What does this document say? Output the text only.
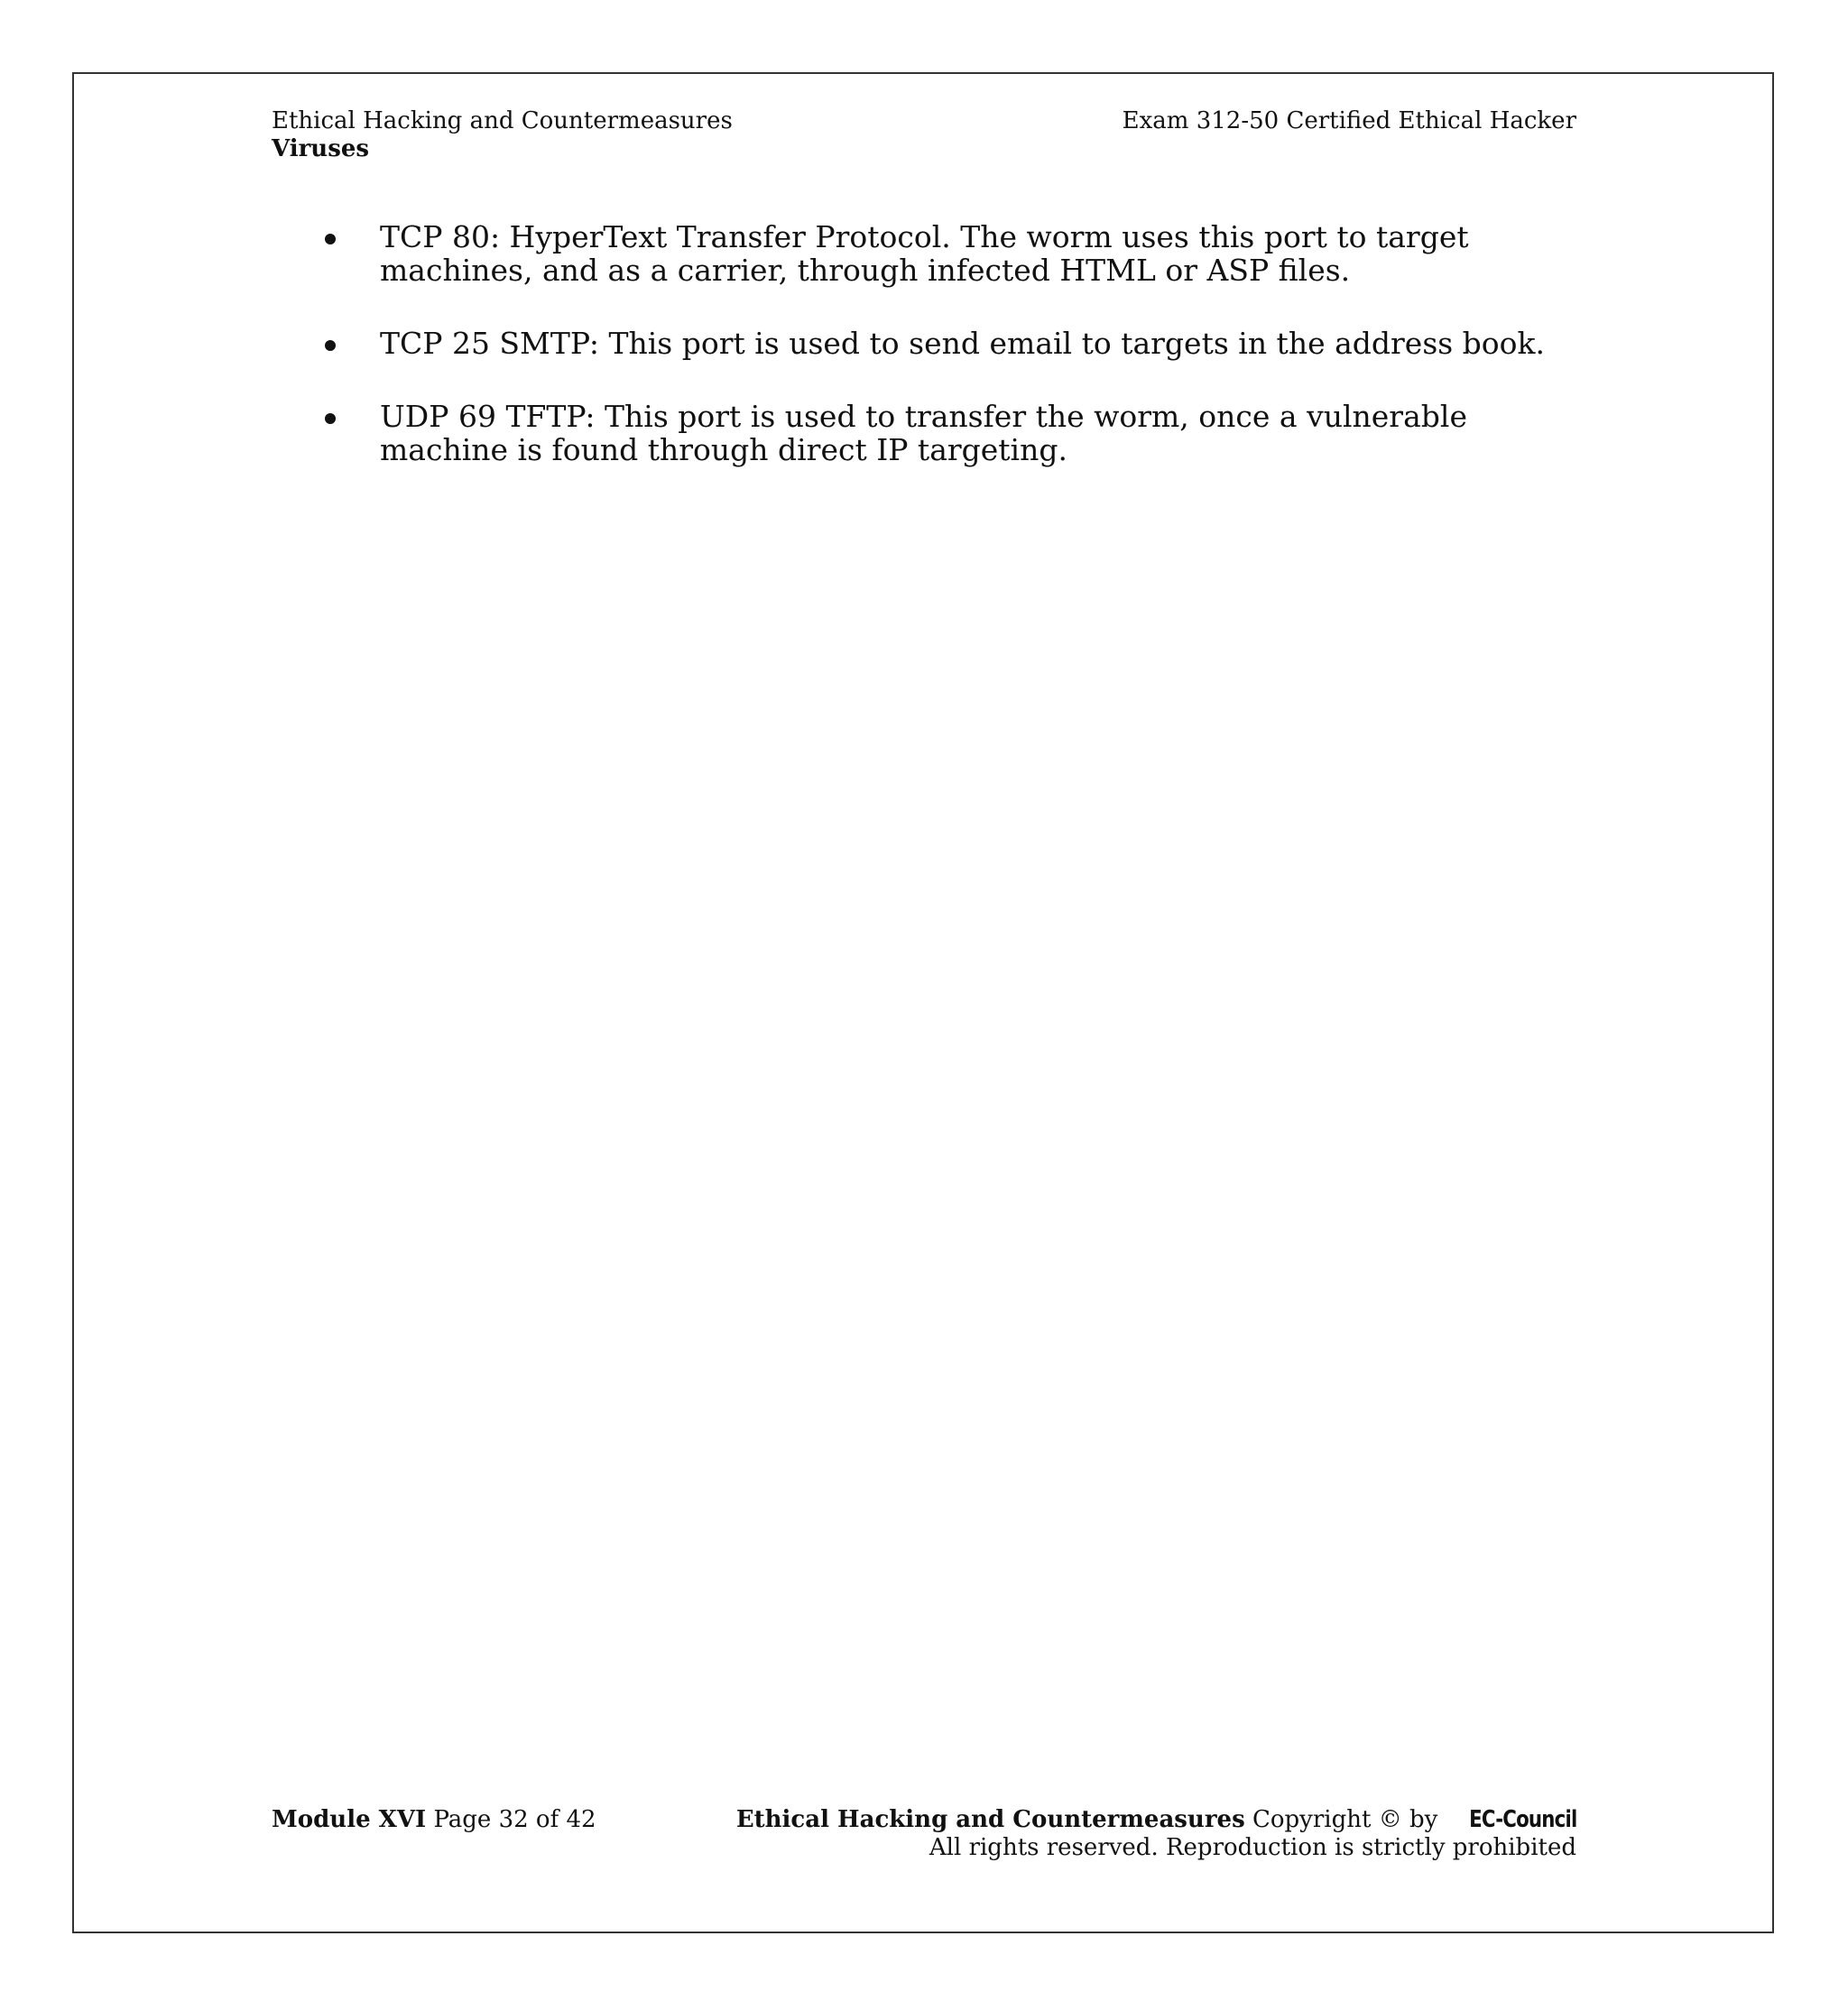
Ethical Hacking and Countermeasures
Viruses
Exam 312-50 Certified Ethical Hacker
TCP 80: HyperText Transfer Protocol. The worm uses this port to target machines, and as a carrier, through infected HTML or ASP files.
TCP 25 SMTP: This port is used to send email to targets in the address book.
UDP 69 TFTP: This port is used to transfer the worm, once a vulnerable machine is found through direct IP targeting.
Module XVI Page 32 of 42	Ethical Hacking and Countermeasures Copyright © by EC-Council
All rights reserved. Reproduction is strictly prohibited
